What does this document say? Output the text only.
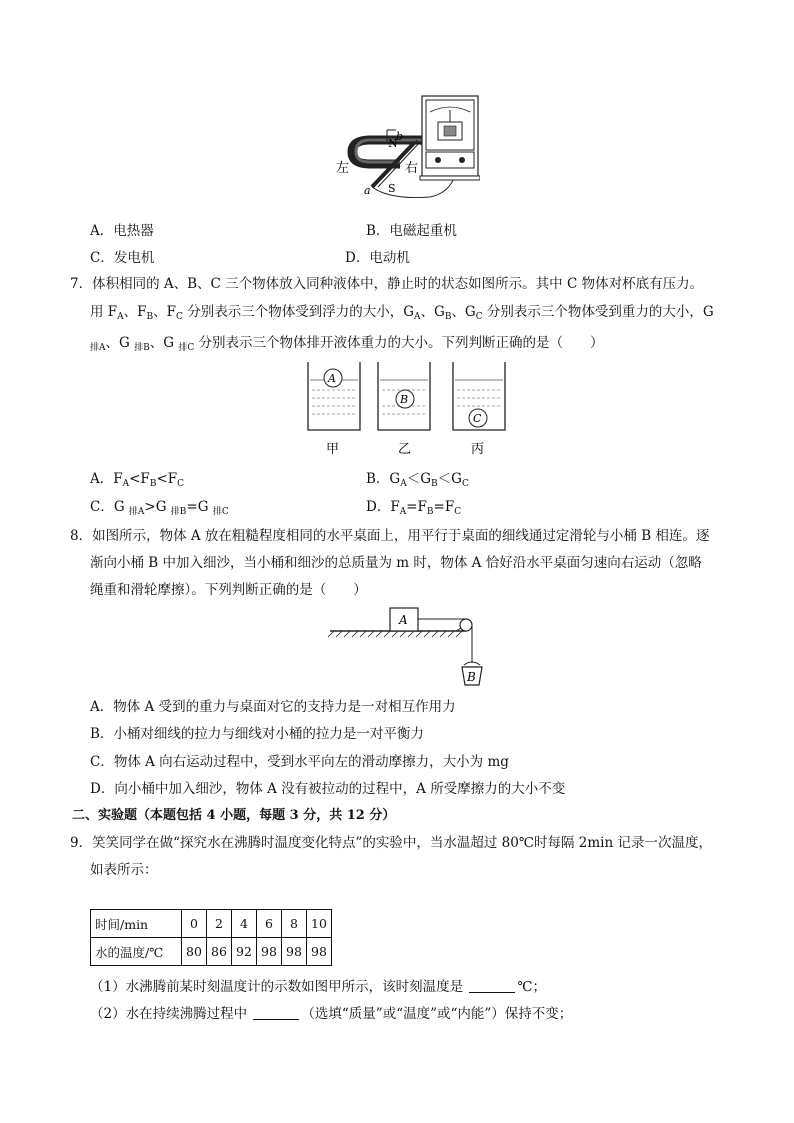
左	右
N
S
a
b
A．电热器	B．电磁起重机
C．发电机	D．电动机
7．体积相同的 A、B、C 三个物体放入同种液体中，静止时的状态如图所示。其中 C 物体对杯底有压力。
用 $F_A$、$F_B$、$F_C$ 分别表示三个物体受到浮力的大小，$G_A$、$G_B$、$G_C$ 分别表示三个物体受到重力的大小，G
$_{排A}$、G $_{排B}$、G $_{排C}$ 分别表示三个物体排开液体重力的大小。下列判断正确的是（　　）
A
甲
B
乙
C
丙
A．$F_A<F_B<F_C$	B．$G_A<G_B<G_C$
C．G $_{排A}$>G $_{排B}$=G $_{排C}$	D．$F_A=F_B=F_C$
8．如图所示，物体 A 放在粗糙程度相同的水平桌面上，用平行于桌面的细线通过定滑轮与小桶 B 相连。逐
渐向小桶 B 中加入细沙，当小桶和细沙的总质量为 m 时，物体 A 恰好沿水平桌面匀速向右运动（忽略
绳重和滑轮摩擦）。下列判断正确的是（　　）
A
B
A．物体 A 受到的重力与桌面对它的支持力是一对相互作用力
B．小桶对细线的拉力与细线对小桶的拉力是一对平衡力
C．物体 A 向右运动过程中，受到水平向左的滑动摩擦力，大小为 mg
D．向小桶中加入细沙，物体 A 没有被拉动的过程中，A 所受摩擦力的大小不变
二、实验题（本题包括 4 小题，每题 3 分，共 12 分）
9．笑笑同学在做“探究水在沸腾时温度变化特点”的实验中，当水温超过 80℃时每隔 2min 记录一次温度，
如表所示：
时间/min	0	2	4	6	8	10
水的温度/℃	80	86	92	98	98	98
（1）水沸腾前某时刻温度计的示数如图甲所示，该时刻温度是	℃；
（2）水在持续沸腾过程中	（选填“质量”或“温度”或“内能”）保持不变；
